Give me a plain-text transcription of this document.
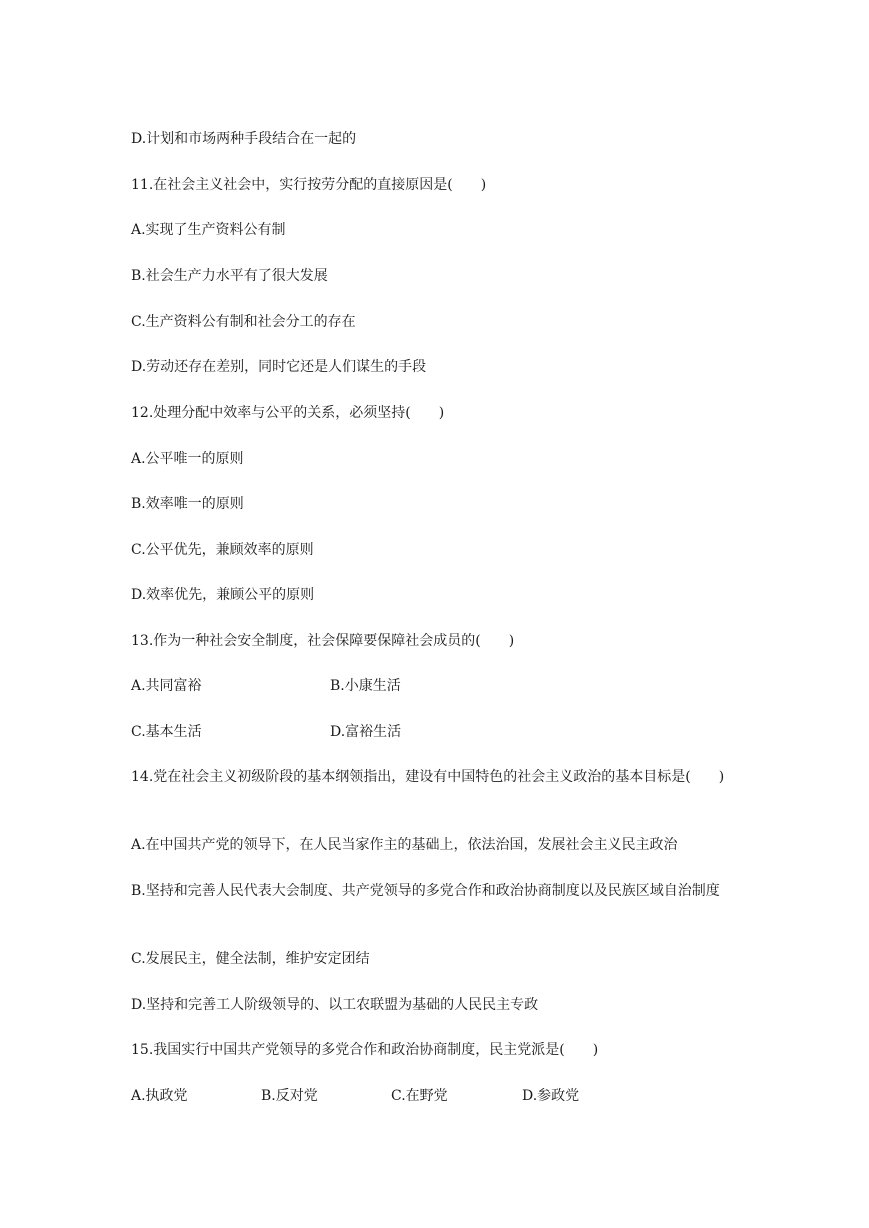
D.计划和市场两种手段结合在一起的
11.在社会主义社会中，实行按劳分配的直接原因是(　　)
A.实现了生产资料公有制
B.社会生产力水平有了很大发展
C.生产资料公有制和社会分工的存在
D.劳动还存在差别，同时它还是人们谋生的手段
12.处理分配中效率与公平的关系，必须坚持(　　)
A.公平唯一的原则
B.效率唯一的原则
C.公平优先，兼顾效率的原则
D.效率优先，兼顾公平的原则
13.作为一种社会安全制度，社会保障要保障社会成员的(　　)
A.共同富裕	B.小康生活
C.基本生活	D.富裕生活
14.党在社会主义初级阶段的基本纲领指出，建设有中国特色的社会主义政治的基本目标是(　　)
A.在中国共产党的领导下，在人民当家作主的基础上，依法治国，发展社会主义民主政治
B.坚持和完善人民代表大会制度、共产党领导的多党合作和政治协商制度以及民族区域自治制度
C.发展民主，健全法制，维护安定团结
D.坚持和完善工人阶级领导的、以工农联盟为基础的人民民主专政
15.我国实行中国共产党领导的多党合作和政治协商制度，民主党派是(　　)
A.执政党	B.反对党	C.在野党	D.参政党
